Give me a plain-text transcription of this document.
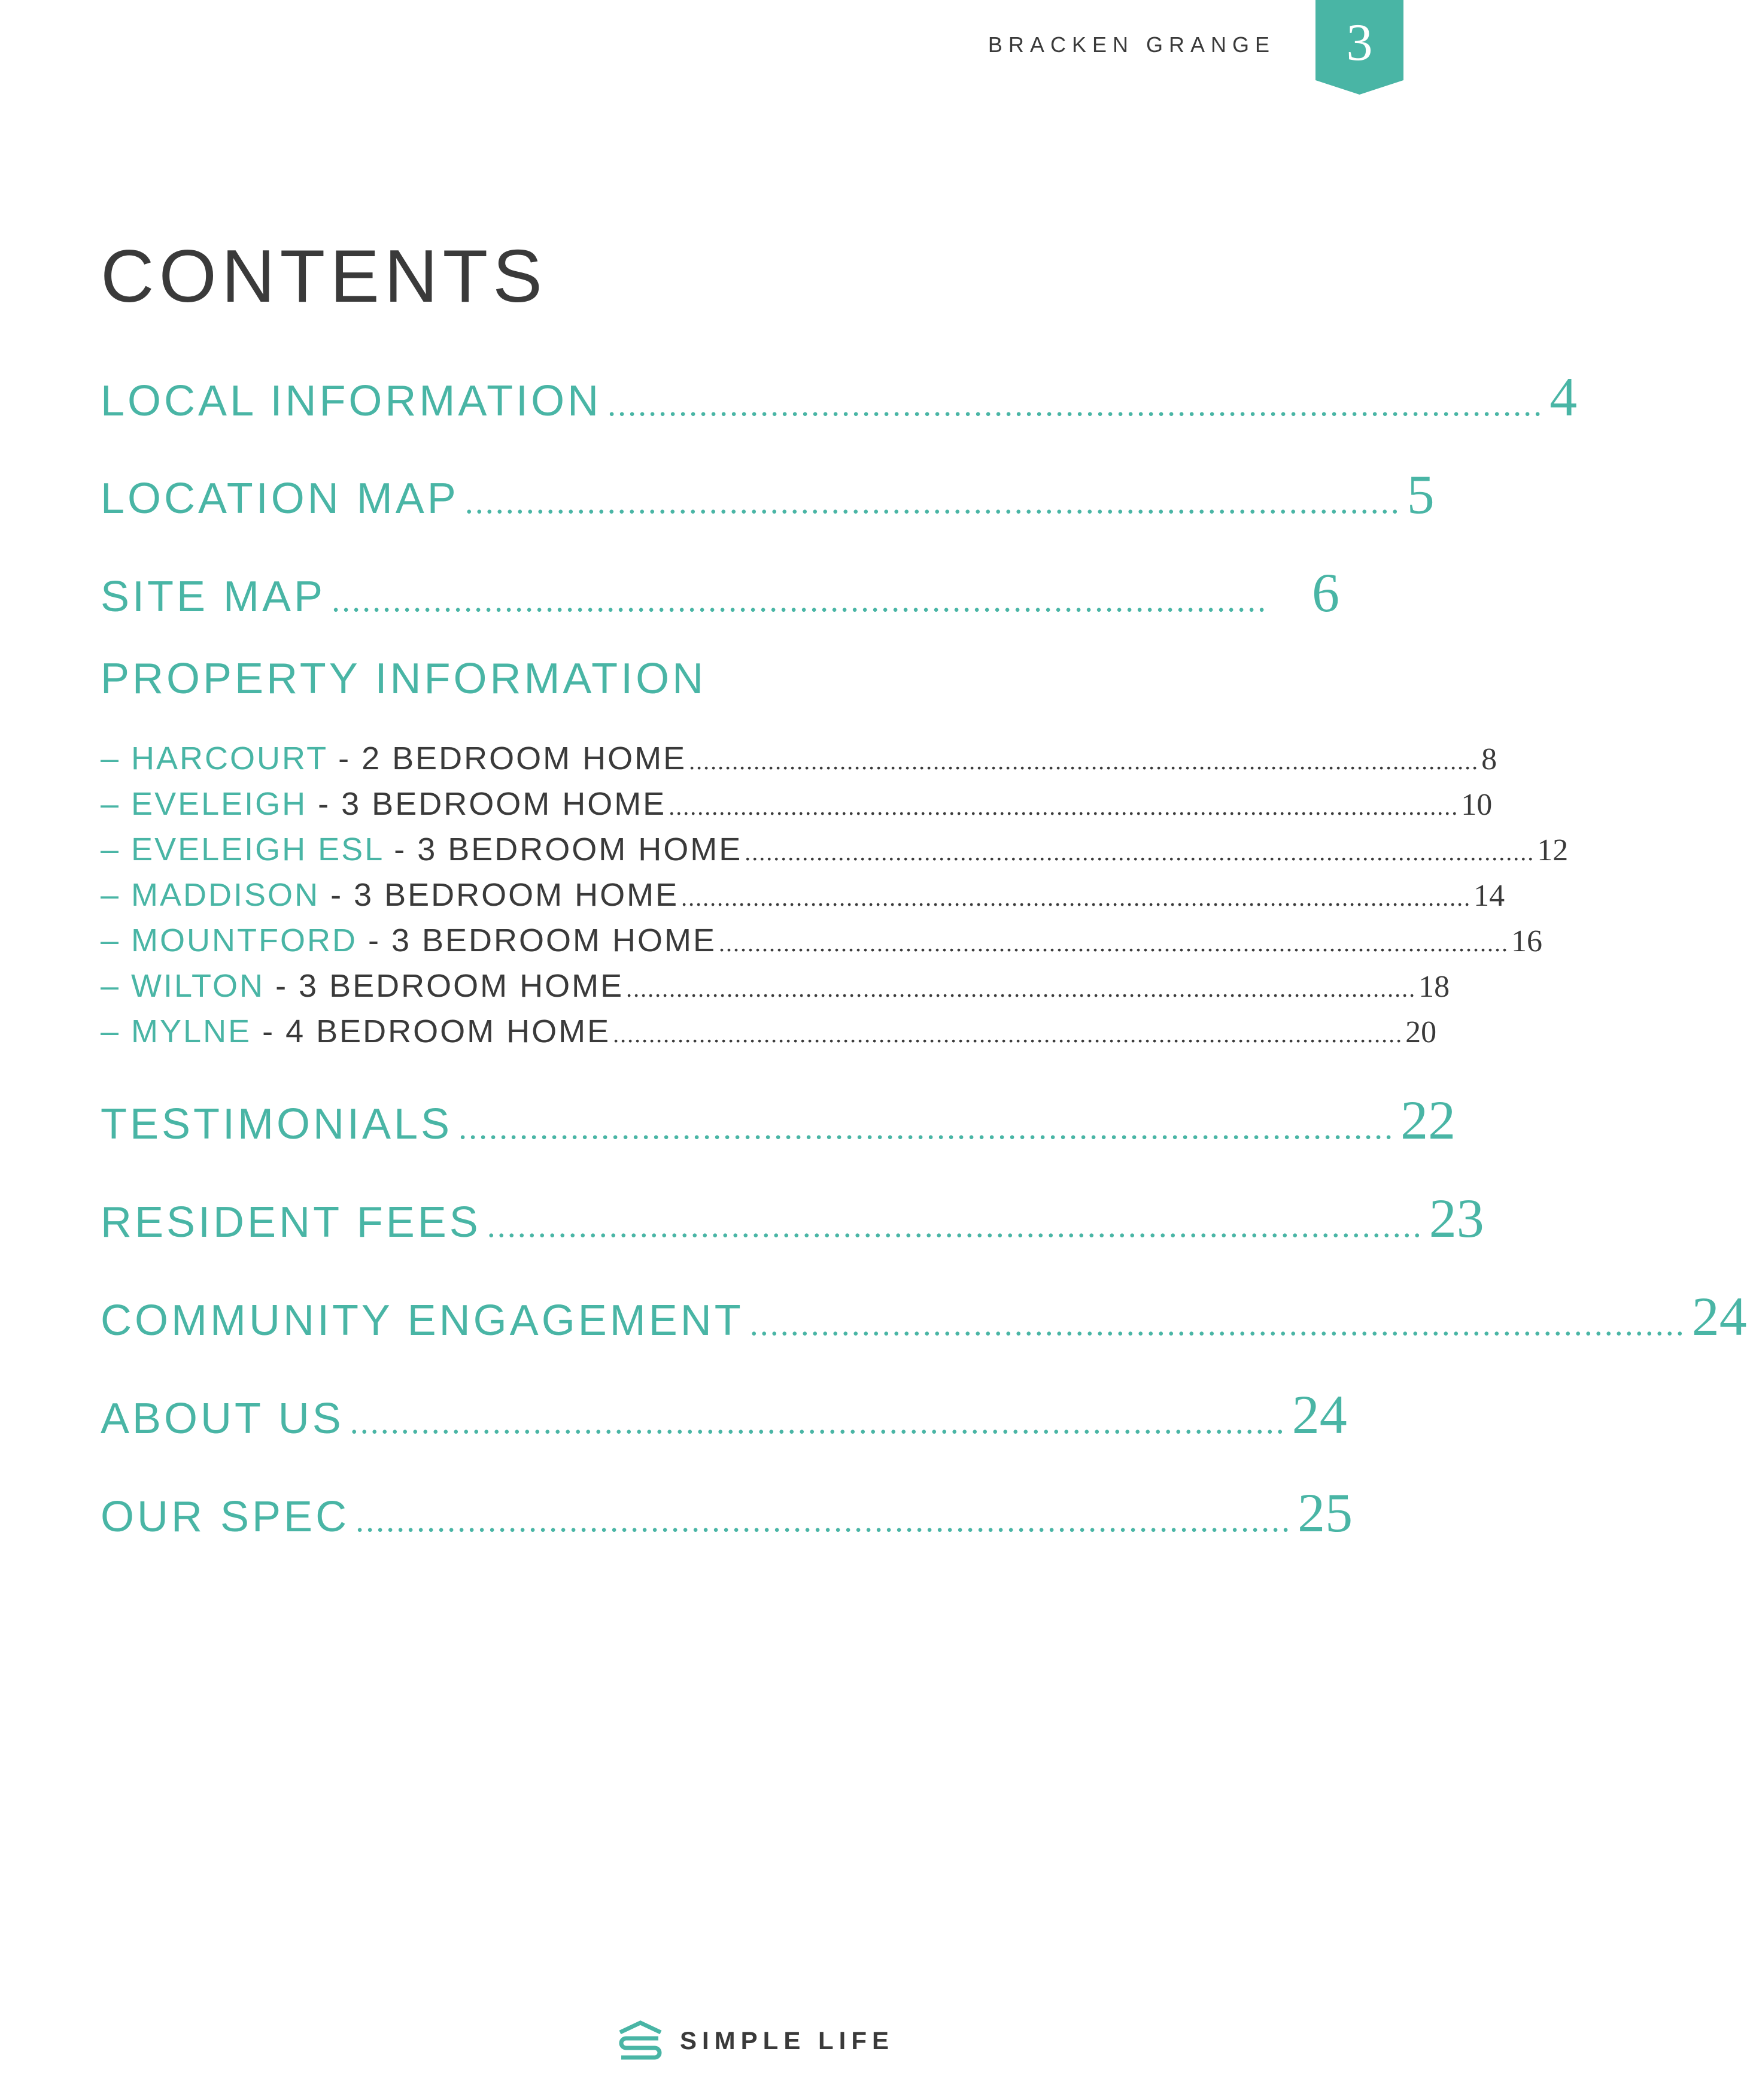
BRACKEN GRANGE	3
CONTENTS
LOCAL INFORMATION ............................................................................................ 4
LOCATION MAP ............................................................................................ 5
SITE MAP ............................................................................................ 6
PROPERTY INFORMATION
– HARCOURT - 2 BEDROOM HOME .............................................................................................................. 8
– EVELEIGH - 3 BEDROOM HOME .............................................................................................................. 10
– EVELEIGH ESL - 3 BEDROOM HOME .............................................................................................................. 12
– MADDISON - 3 BEDROOM HOME .............................................................................................................. 14
– MOUNTFORD - 3 BEDROOM HOME .............................................................................................................. 16
– WILTON - 3 BEDROOM HOME .............................................................................................................. 18
– MYLNE - 4 BEDROOM HOME .............................................................................................................. 20
TESTIMONIALS ............................................................................................ 22
RESIDENT FEES ............................................................................................ 23
COMMUNITY ENGAGEMENT ............................................................................................ 24
ABOUT US ............................................................................................ 24
OUR SPEC ............................................................................................ 25
SIMPLE LIFE
